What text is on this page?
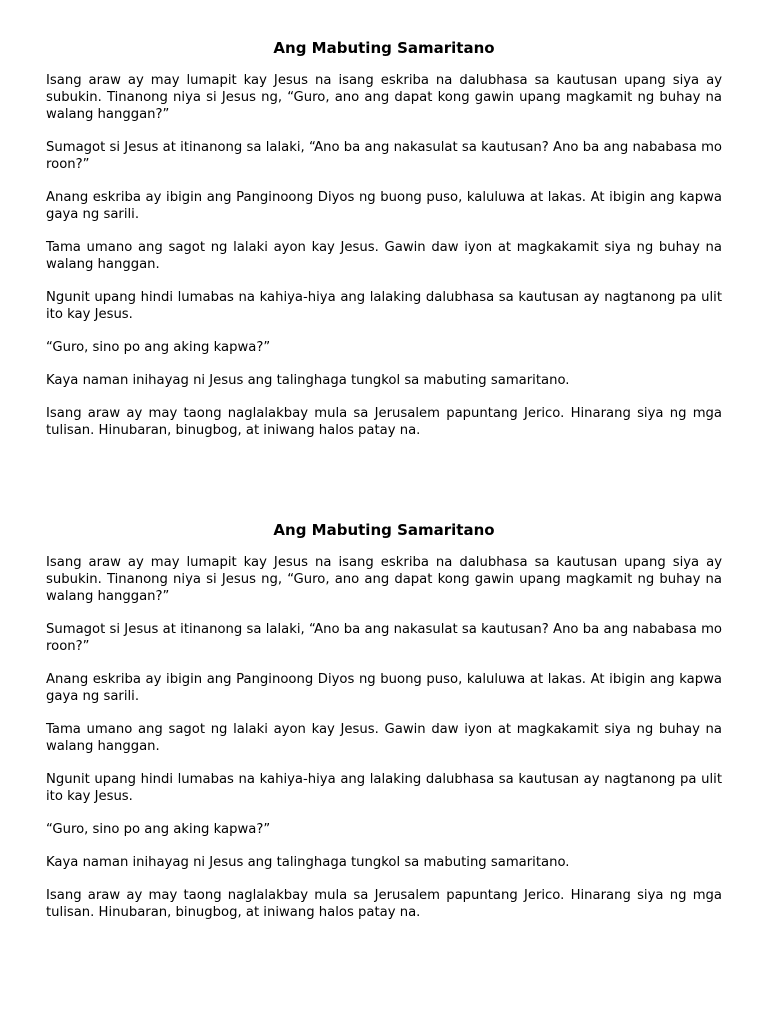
Ang Mabuting Samaritano

Isang araw ay may lumapit kay Jesus na isang eskriba na dalubhasa sa kautusan upang siya ay subukin. Tinanong niya si Jesus ng, “Guro, ano ang dapat kong gawin upang magkamit ng buhay na walang hanggan?”

Sumagot si Jesus at itinanong sa lalaki, “Ano ba ang nakasulat sa kautusan? Ano ba ang nababasa mo roon?”

Anang eskriba ay ibigin ang Panginoong Diyos ng buong puso, kaluluwa at lakas. At ibigin ang kapwa gaya ng sarili.

Tama umano ang sagot ng lalaki ayon kay Jesus. Gawin daw iyon at magkakamit siya ng buhay na walang hanggan.

Ngunit upang hindi lumabas na kahiya-hiya ang lalaking dalubhasa sa kautusan ay nagtanong pa ulit ito kay Jesus.

“Guro, sino po ang aking kapwa?”

Kaya naman inihayag ni Jesus ang talinghaga tungkol sa mabuting samaritano.

Isang araw ay may taong naglalakbay mula sa Jerusalem papuntang Jerico. Hinarang siya ng mga tulisan. Hinubaran, binugbog, at iniwang halos patay na.

Ang Mabuting Samaritano

Isang araw ay may lumapit kay Jesus na isang eskriba na dalubhasa sa kautusan upang siya ay subukin. Tinanong niya si Jesus ng, “Guro, ano ang dapat kong gawin upang magkamit ng buhay na walang hanggan?”

Sumagot si Jesus at itinanong sa lalaki, “Ano ba ang nakasulat sa kautusan? Ano ba ang nababasa mo roon?”

Anang eskriba ay ibigin ang Panginoong Diyos ng buong puso, kaluluwa at lakas. At ibigin ang kapwa gaya ng sarili.

Tama umano ang sagot ng lalaki ayon kay Jesus. Gawin daw iyon at magkakamit siya ng buhay na walang hanggan.

Ngunit upang hindi lumabas na kahiya-hiya ang lalaking dalubhasa sa kautusan ay nagtanong pa ulit ito kay Jesus.

“Guro, sino po ang aking kapwa?”

Kaya naman inihayag ni Jesus ang talinghaga tungkol sa mabuting samaritano.

Isang araw ay may taong naglalakbay mula sa Jerusalem papuntang Jerico. Hinarang siya ng mga tulisan. Hinubaran, binugbog, at iniwang halos patay na.
